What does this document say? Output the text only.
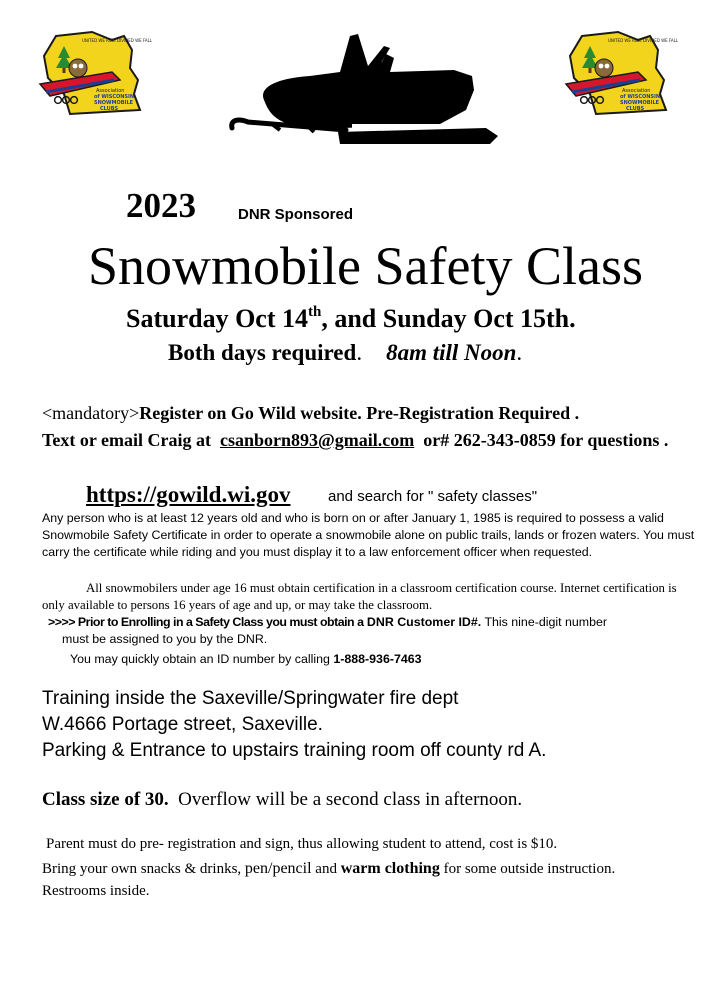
UNITED WE RIDE DIVIDED WE FALL
Association
of WISCONSIN
SNOWMOBILE
CLUBS
UNITED WE RIDE DIVIDED WE FALL
Association
of WISCONSIN
SNOWMOBILE
CLUBS
2023	DNR Sponsored
Snowmobile Safety Class
Saturday Oct 14th, and Sunday Oct 15th.
Both days required. 8am till Noon.
<mandatory>Register on Go Wild website. Pre-Registration Required .
Text or email Craig at csanborn893@gmail.com or# 262-343-0859 for questions .
https://gowild.wi.gov	and search for " safety classes"
Any person who is at least 12 years old and who is born on or after January 1, 1985 is required to possess a valid Snowmobile Safety Certificate in order to operate a snowmobile alone on public trails, lands or frozen waters. You must carry the certificate while riding and you must display it to a law enforcement officer when requested.
All snowmobilers under age 16 must obtain certification in a classroom certification course. Internet certification is only available to persons 16 years of age and up, or may take the classroom.
>>>> Prior to Enrolling in a Safety Class you must obtain a DNR Customer ID#. This nine-digit number
must be assigned to you by the DNR.
You may quickly obtain an ID number by calling 1-888-936-7463
Training inside the Saxeville/Springwater fire dept
W.4666 Portage street, Saxeville.
Parking & Entrance to upstairs training room off county rd A.
Class size of 30. Overflow will be a second class in afternoon.
Parent must do pre- registration and sign, thus allowing student to attend, cost is $10.
Bring your own snacks & drinks, pen/pencil and warm clothing for some outside instruction. Restrooms inside.
